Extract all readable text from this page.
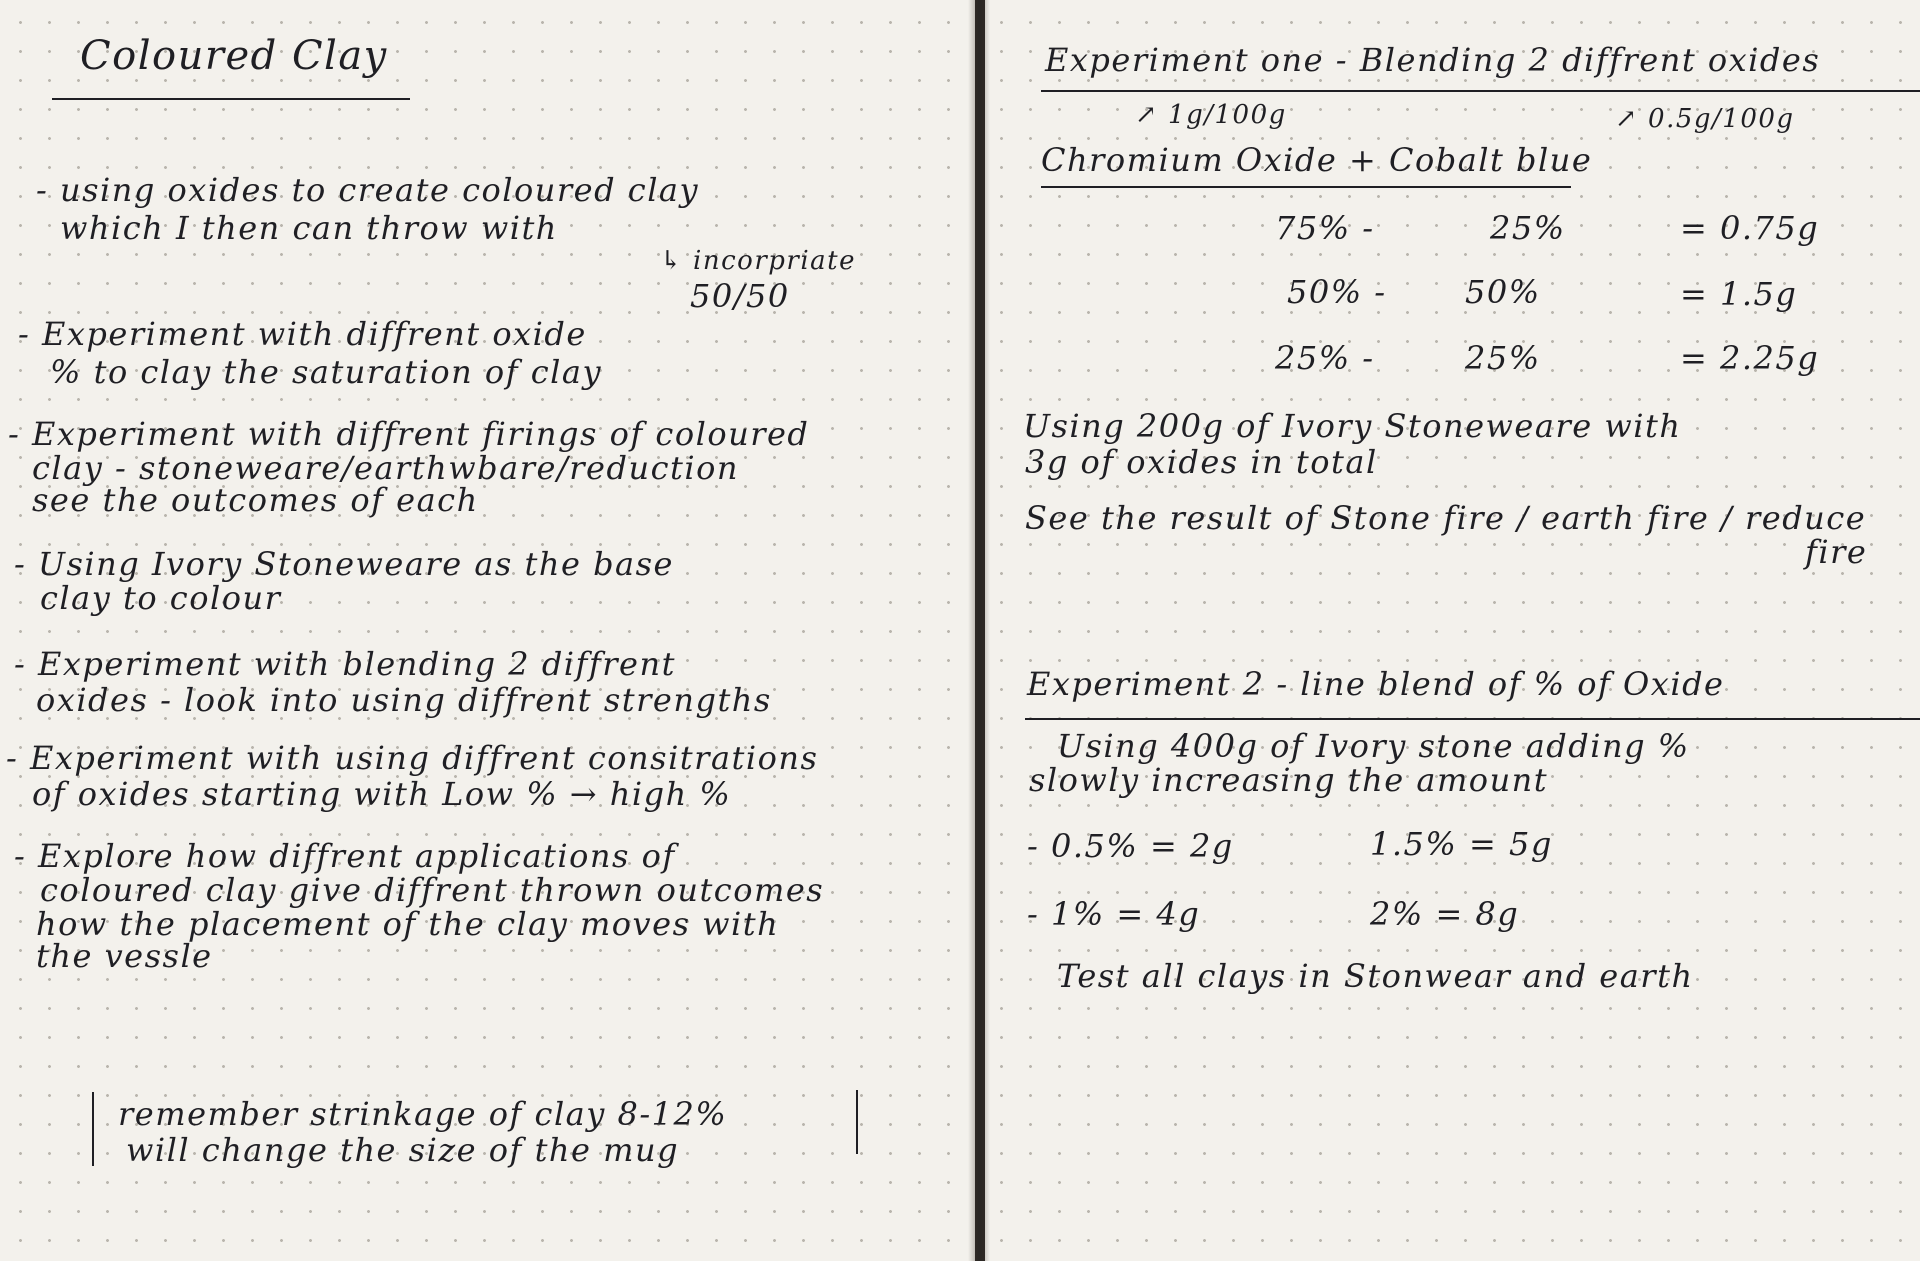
Coloured Clay
- using oxides to create coloured clay
which I then can throw with
↳ incorpriate
50/50
- Experiment with diffrent oxide
% to clay the saturation of clay
- Experiment with diffrent firings of coloured
clay - stoneweare/earthwbare/reduction
see the outcomes of each
- Using Ivory Stoneweare as the base
clay to colour
- Experiment with blending 2 diffrent
oxides - look into using diffrent strengths
- Experiment with using diffrent consitrations
of oxides starting with Low % → high %
- Explore how diffrent applications of
coloured clay give diffrent thrown outcomes
how the placement of the clay moves with
the vessle
remember strinkage of clay 8-12%
will change the size of the mug
Experiment one - Blending 2 diffrent oxides
↗ 1g/100g	↗ 0.5g/100g
Chromium Oxide + Cobalt blue
75% -	25%	= 0.75g
50% - 50%	= 1.5g
25% -	25%	= 2.25g
Using 200g of Ivory Stoneweare with
3g of oxides in total
See the result of Stone fire / earth fire / reduce
fire
Experiment 2 - line blend of % of Oxide
Using 400g of Ivory stone adding %
slowly increasing the amount
- 0.5% = 2g	1.5% = 5g
- 1% = 4g	2% = 8g
Test all clays in Stonwear and earth
